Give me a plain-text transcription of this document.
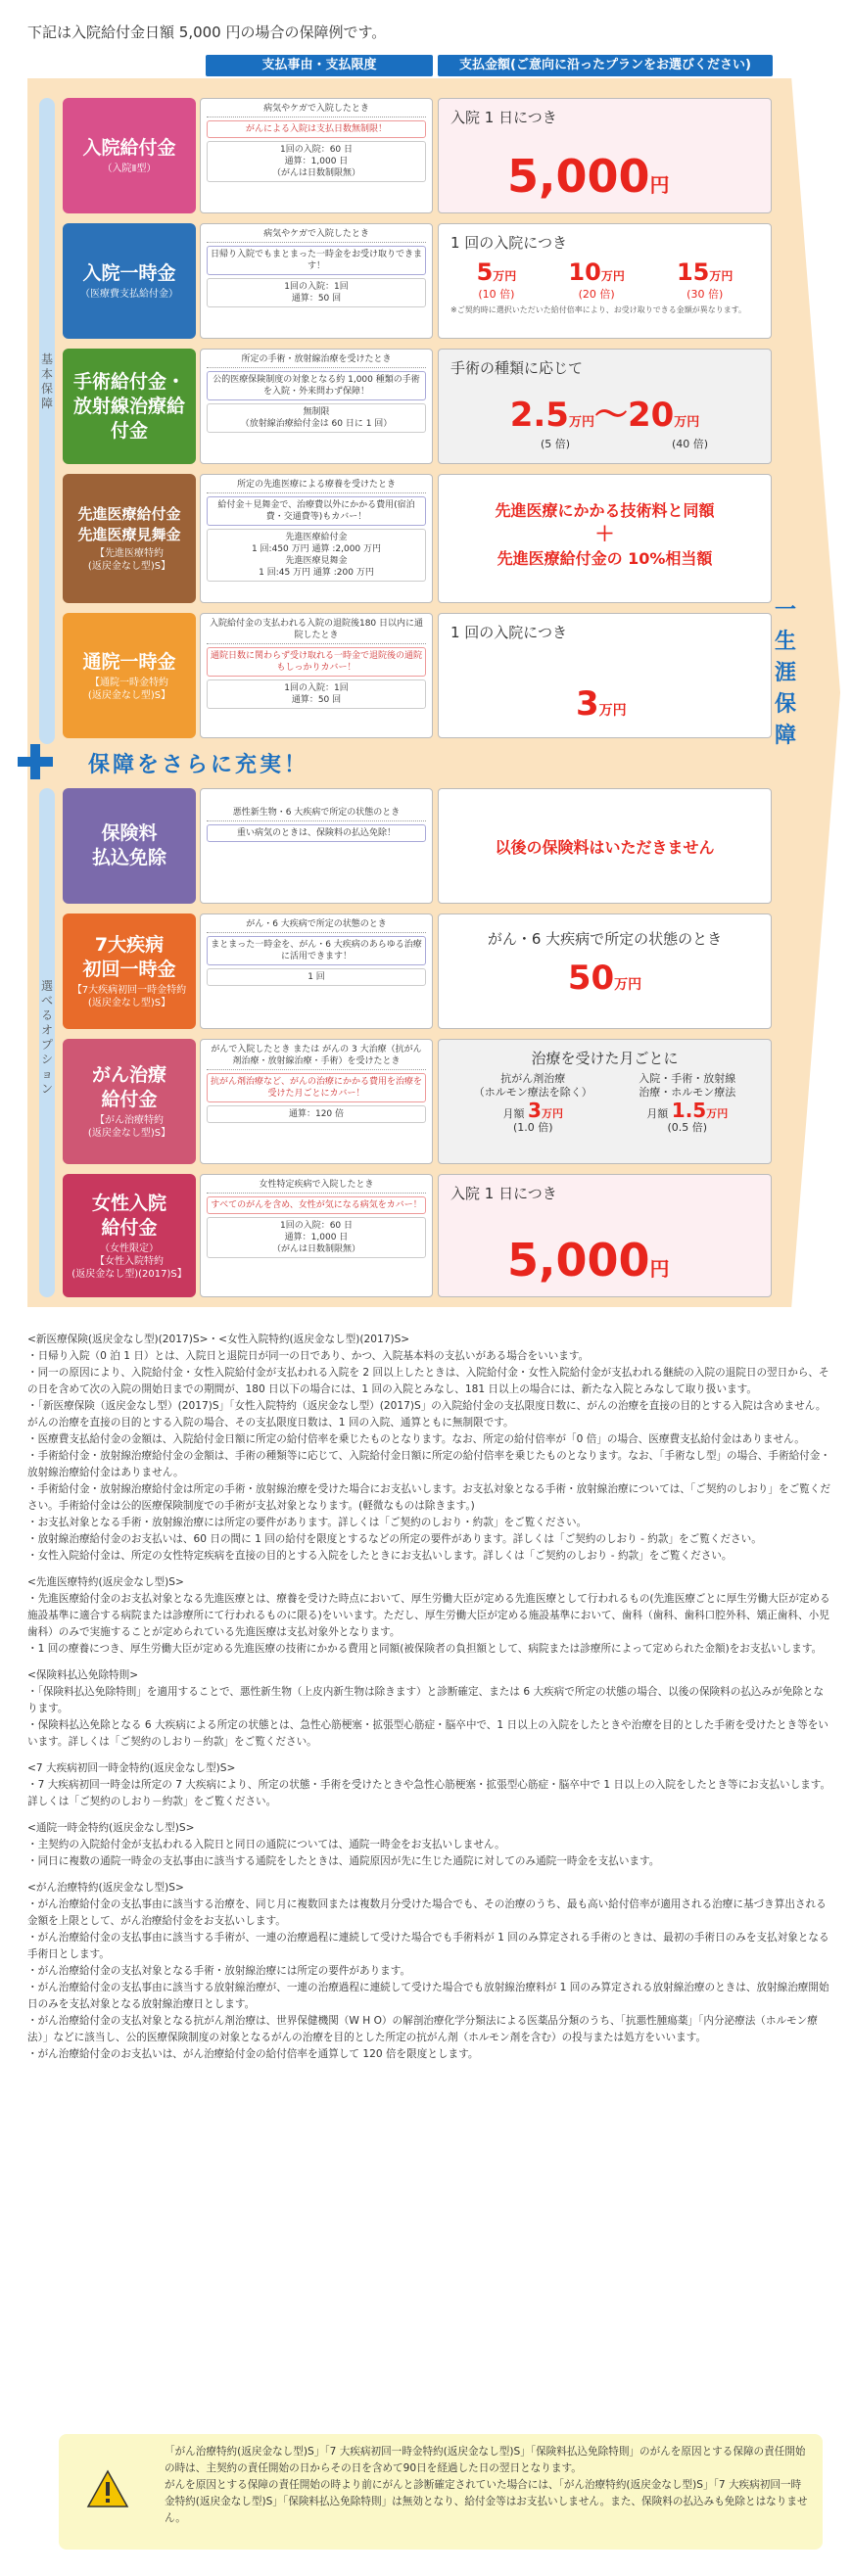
下記は入院給付金日額 5,000 円の場合の保障例です。
支払事由・支払限度	支払金額(ご意向に沿ったプランをお選びください)
基本保障
選べるオプション
一生涯保障
入院給付金
（入院Ⅱ型）
病気やケガで入院したとき
がんによる入院は支払日数無制限！
1回の入院：60 日
通算：1,000 日
（がんは日数制限無）
入院 1 日につき
5,000円
入院一時金
（医療費支払給付金）
病気やケガで入院したとき
日帰り入院でもまとまった一時金をお受け取りできます！
1回の入院：1回
通算：50 回
1 回の入院につき
5万円
(10 倍)
10万円
(20 倍)
15万円
(30 倍)
※ご契約時に選択いただいた給付倍率により、お受け取りできる金額が異なります。
手術給付金・放射線治療給付金
所定の手術・放射線治療を受けたとき
公的医療保険制度の対象となる約 1,000 種類の手術を入院・外来問わず保障！
無制限
（放射線治療給付金は 60 日に 1 回）
手術の種類に応じて
2.5万円～20万円
(5 倍)	(40 倍)
先進医療給付金
先進医療見舞金
【先進医療特約
(返戻金なし型)S】
所定の先進医療による療養を受けたとき
給付金＋見舞金で、治療費以外にかかる費用(宿泊費・交通費等)もカバー！
先進医療給付金
1 回:450 万円 通算 :2,000 万円
先進医療見舞金
1 回:45 万円 通算 :200 万円
先進医療にかかる技術料と同額
＋
先進医療給付金の 10%相当額
通院一時金
【通院一時金特約
(返戻金なし型)S】
入院給付金の支払われる入院の退院後180 日以内に通院したとき
通院日数に関わらず受け取れる一時金で退院後の通院もしっかりカバー！
1回の入院：1回
通算：50 回
1 回の入院につき
3万円
保障をさらに充実！
保険料
払込免除
悪性新生物・6 大疾病で所定の状態のとき
重い病気のときは、保険料の払込免除！
以後の保険料はいただきません
7大疾病
初回一時金
【7大疾病初回一時金特約
(返戻金なし型)S】
がん・6 大疾病で所定の状態のとき
まとまった一時金を、がん・6 大疾病のあらゆる治療に活用できます！
1 回
がん・6 大疾病で所定の状態のとき
50万円
がん治療
給付金
【がん治療特約
(返戻金なし型)S】
がんで入院したとき または がんの 3 大治療（抗がん剤治療・放射線治療・手術）を受けたとき
抗がん剤治療など、がんの治療にかかる費用を治療を受けた月ごとにカバー！
通算：120 倍
治療を受けた月ごとに
抗がん剤治療
（ホルモン療法を除く）
月額 3万円
(1.0 倍)
入院・手術・放射線
治療・ホルモン療法
月額 1.5万円
(0.5 倍)
女性入院
給付金
（女性限定）
【女性入院特約
(返戻金なし型)(2017)S】
女性特定疾病で入院したとき
すべてのがんを含め、女性が気になる病気をカバー！
1回の入院：60 日
通算：1,000 日
（がんは日数制限無）
入院 1 日につき
5,000円
<新医療保険(返戻金なし型)(2017)S>・<女性入院特約(返戻金なし型)(2017)S>
・日帰り入院（0 泊 1 日）とは、入院日と退院日が同一の日であり、かつ、入院基本料の支払いがある場合をいいます。
・同一の原因により、入院給付金・女性入院給付金が支払われる入院を 2 回以上したときは、入院給付金・女性入院給付金が支払われる継続の入院の退院日の翌日から、その日を含めて次の入院の開始日までの期間が、180 日以下の場合には、1 回の入院とみなし、181 日以上の場合には、新たな入院とみなして取り扱います。
・「新医療保険（返戻金なし型）(2017)S」「女性入院特約（返戻金なし型）(2017)S」の入院給付金の支払限度日数に、がんの治療を直接の目的とする入院は含めません。がんの治療を直接の目的とする入院の場合、その支払限度日数は、1 回の入院、通算ともに無制限です。
・医療費支払給付金の金額は、入院給付金日額に所定の給付倍率を乗じたものとなります。なお、所定の給付倍率が「0 倍」の場合、医療費支払給付金はありません。
・手術給付金・放射線治療給付金の金額は、手術の種類等に応じて、入院給付金日額に所定の給付倍率を乗じたものとなります。なお、「手術なし型」の場合、手術給付金・放射線治療給付金はありません。
・手術給付金・放射線治療給付金は所定の手術・放射線治療を受けた場合にお支払いします。お支払対象となる手術・放射線治療については、「ご契約のしおり」をご覧ください。手術給付金は公的医療保険制度での手術が支払対象となります。(軽微なものは除きます。)
・お支払対象となる手術・放射線治療には所定の要件があります。詳しくは「ご契約のしおり・約款」をご覧ください。
・放射線治療給付金のお支払いは、60 日の間に 1 回の給付を限度とするなどの所定の要件があります。詳しくは「ご契約のしおり - 約款」をご覧ください。
・女性入院給付金は、所定の女性特定疾病を直接の目的とする入院をしたときにお支払いします。詳しくは「ご契約のしおり - 約款」をご覧ください。
<先進医療特約(返戻金なし型)S>
・先進医療給付金のお支払対象となる先進医療とは、療養を受けた時点において、厚生労働大臣が定める先進医療として行われるもの(先進医療ごとに厚生労働大臣が定める施設基準に適合する病院または診療所にて行われるものに限る)をいいます。ただし、厚生労働大臣が定める施設基準において、歯科（歯科、歯科口腔外科、矯正歯科、小児歯科）のみで実施することが定められている先進医療は支払対象外となります。
・1 回の療養につき、厚生労働大臣が定める先進医療の技術にかかる費用と同額(被保険者の負担額として、病院または診療所によって定められた金額)をお支払いします。
<保険料払込免除特則>
・「保険料払込免除特則」を適用することで、悪性新生物（上皮内新生物は除きます）と診断確定、または 6 大疾病で所定の状態の場合、以後の保険料の払込みが免除となります。
・保険料払込免除となる 6 大疾病による所定の状態とは、急性心筋梗塞・拡張型心筋症・脳卒中で、1 日以上の入院をしたときや治療を目的とした手術を受けたとき等をいいます。詳しくは「ご契約のしおり－約款」をご覧ください。
<7 大疾病初回一時金特約(返戻金なし型)S>
・7 大疾病初回一時金は所定の 7 大疾病により、所定の状態・手術を受けたときや急性心筋梗塞・拡張型心筋症・脳卒中で 1 日以上の入院をしたとき等にお支払いします。詳しくは「ご契約のしおり－約款」をご覧ください。
<通院一時金特約(返戻金なし型)S>
・主契約の入院給付金が支払われる入院日と同日の通院については、通院一時金をお支払いしません。
・同日に複数の通院一時金の支払事由に該当する通院をしたときは、通院原因が先に生じた通院に対してのみ通院一時金を支払います。
<がん治療特約(返戻金なし型)S>
・がん治療給付金の支払事由に該当する治療を、同じ月に複数回または複数月分受けた場合でも、その治療のうち、最も高い給付倍率が適用される治療に基づき算出される金額を上限として、がん治療給付金をお支払いします。
・がん治療給付金の支払事由に該当する手術が、一連の治療過程に連続して受けた場合でも手術料が 1 回のみ算定される手術のときは、最初の手術日のみを支払対象となる手術日とします。
・がん治療給付金の支払対象となる手術・放射線治療には所定の要件があります。
・がん治療給付金の支払事由に該当する放射線治療が、一連の治療過程に連続して受けた場合でも放射線治療料が 1 回のみ算定される放射線治療のときは、放射線治療開始日のみを支払対象となる放射線治療日とします。
・がん治療給付金の支払対象となる抗がん剤治療は、世界保健機関（W H O）の解剖治療化学分類法による医薬品分類のうち、「抗悪性腫瘍薬」「内分泌療法（ホルモン療法）」などに該当し、公的医療保険制度の対象となるがんの治療を目的とした所定の抗がん剤（ホルモン剤を含む）の投与または処方をいいます。
・がん治療給付金のお支払いは、がん治療給付金の給付倍率を通算して 120 倍を限度とします。
「がん治療特約(返戻金なし型)S」「7 大疾病初回一時金特約(返戻金なし型)S」「保険料払込免除特則」のがんを原因とする保障の責任開始の時は、主契約の責任開始の日からその日を含めて90日を経過した日の翌日となります。
がんを原因とする保障の責任開始の時より前にがんと診断確定されていた場合には、「がん治療特約(返戻金なし型)S」「7 大疾病初回一時金特約(返戻金なし型)S」「保険料払込免除特則」は無効となり、給付金等はお支払いしません。また、保険料の払込みも免除とはなりません。
